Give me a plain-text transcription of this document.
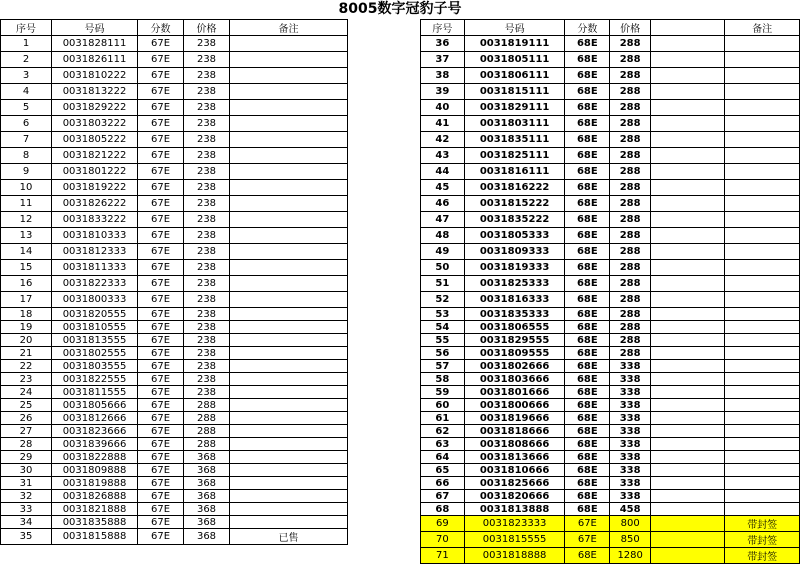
8005数字冠豹子号
序号	号码	分数	价格	备注
1	0031828111	67E	238	
2	0031826111	67E	238	
3	0031810222	67E	238	
4	0031813222	67E	238	
5	0031829222	67E	238	
6	0031803222	67E	238	
7	0031805222	67E	238	
8	0031821222	67E	238	
9	0031801222	67E	238	
10	0031819222	67E	238	
11	0031826222	67E	238	
12	0031833222	67E	238	
13	0031810333	67E	238	
14	0031812333	67E	238	
15	0031811333	67E	238	
16	0031822333	67E	238	
17	0031800333	67E	238	
18	0031820555	67E	238	
19	0031810555	67E	238	
20	0031813555	67E	238	
21	0031802555	67E	238	
22	0031803555	67E	238	
23	0031822555	67E	238	
24	0031811555	67E	238	
25	0031805666	67E	288	
26	0031812666	67E	288	
27	0031823666	67E	288	
28	0031839666	67E	288	
29	0031822888	67E	368	
30	0031809888	67E	368	
31	0031819888	67E	368	
32	0031826888	67E	368	
33	0031821888	67E	368	
34	0031835888	67E	368	
35	0031815888	67E	368	已售
序号	号码	分数	价格		备注
36	0031819111	68E	288		
37	0031805111	68E	288		
38	0031806111	68E	288		
39	0031815111	68E	288		
40	0031829111	68E	288		
41	0031803111	68E	288		
42	0031835111	68E	288		
43	0031825111	68E	288		
44	0031816111	68E	288		
45	0031816222	68E	288		
46	0031815222	68E	288		
47	0031835222	68E	288		
48	0031805333	68E	288		
49	0031809333	68E	288		
50	0031819333	68E	288		
51	0031825333	68E	288		
52	0031816333	68E	288		
53	0031835333	68E	288		
54	0031806555	68E	288		
55	0031829555	68E	288		
56	0031809555	68E	288		
57	0031802666	68E	338		
58	0031803666	68E	338		
59	0031801666	68E	338		
60	0031800666	68E	338		
61	0031819666	68E	338		
62	0031818666	68E	338		
63	0031808666	68E	338		
64	0031813666	68E	338		
65	0031810666	68E	338		
66	0031825666	68E	338		
67	0031820666	68E	338		
68	0031813888	68E	458		
69	0031823333	67E	800		带封签
70	0031815555	67E	850		带封签
71	0031818888	68E	1280		带封签
